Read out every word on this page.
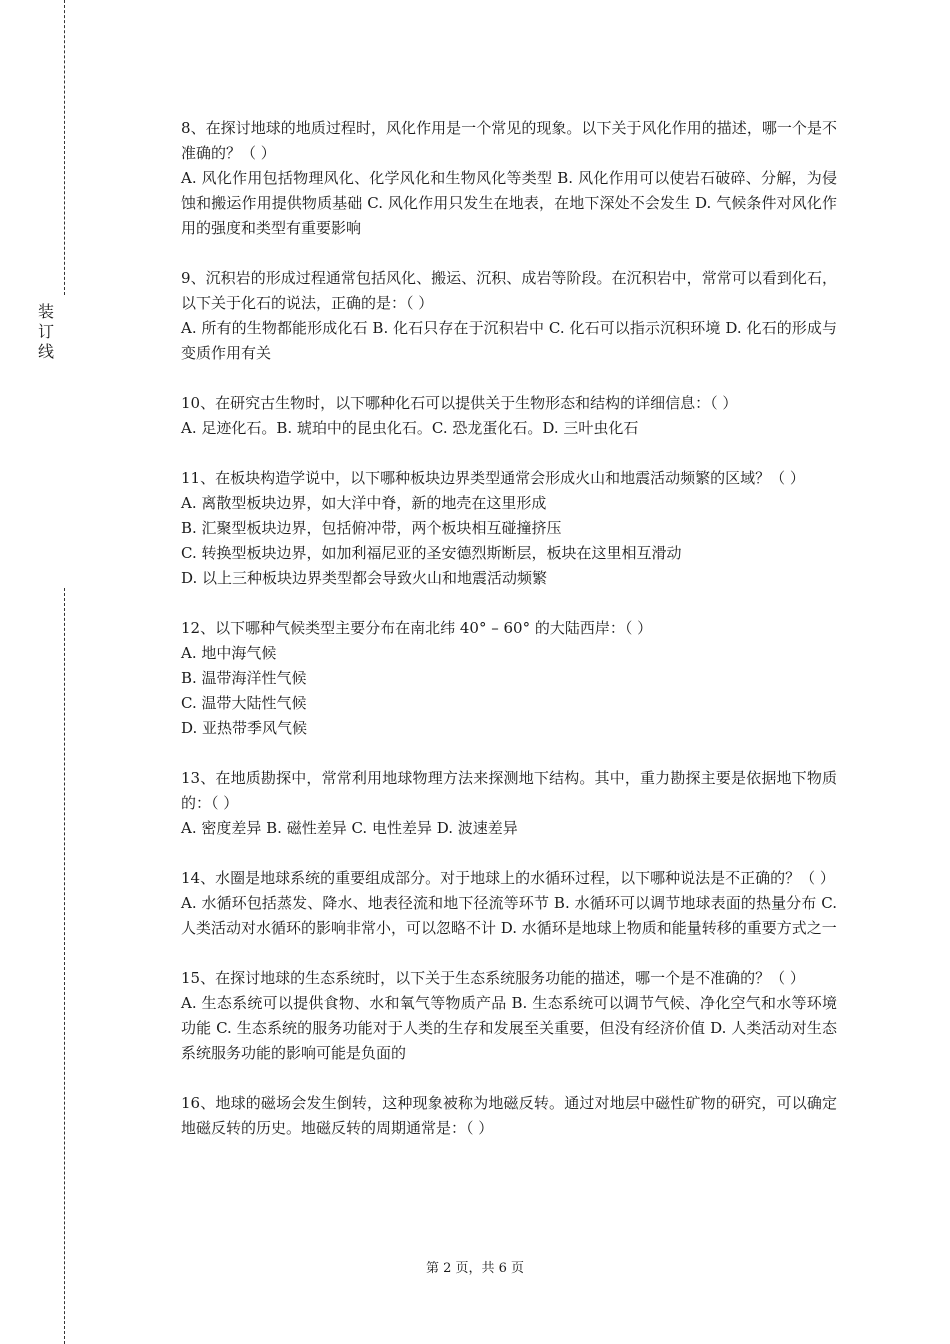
装
订
线

8、在探讨地球的地质过程时，风化作用是一个常见的现象。以下关于风化作用的描述，哪一个是不准确的？（ ）

A. 风化作用包括物理风化、化学风化和生物风化等类型 B. 风化作用可以使岩石破碎、分解，为侵蚀和搬运作用提供物质基础 C. 风化作用只发生在地表，在地下深处不会发生 D. 气候条件对风化作用的强度和类型有重要影响

9、沉积岩的形成过程通常包括风化、搬运、沉积、成岩等阶段。在沉积岩中，常常可以看到化石，以下关于化石的说法，正确的是：（ ）

A. 所有的生物都能形成化石 B. 化石只存在于沉积岩中 C. 化石可以指示沉积环境 D. 化石的形成与变质作用有关

10、在研究古生物时，以下哪种化石可以提供关于生物形态和结构的详细信息：（ ）

A. 足迹化石。B. 琥珀中的昆虫化石。C. 恐龙蛋化石。D. 三叶虫化石

11、在板块构造学说中，以下哪种板块边界类型通常会形成火山和地震活动频繁的区域？（ ）

A. 离散型板块边界，如大洋中脊，新的地壳在这里形成

B. 汇聚型板块边界，包括俯冲带，两个板块相互碰撞挤压

C. 转换型板块边界，如加利福尼亚的圣安德烈斯断层，板块在这里相互滑动

D. 以上三种板块边界类型都会导致火山和地震活动频繁

12、以下哪种气候类型主要分布在南北纬 40° – 60° 的大陆西岸：（ ）

A. 地中海气候

B. 温带海洋性气候

C. 温带大陆性气候

D. 亚热带季风气候

13、在地质勘探中，常常利用地球物理方法来探测地下结构。其中，重力勘探主要是依据地下物质的：（ ）

A. 密度差异 B. 磁性差异 C. 电性差异 D. 波速差异

14、水圈是地球系统的重要组成部分。对于地球上的水循环过程，以下哪种说法是不正确的？（ ）

A. 水循环包括蒸发、降水、地表径流和地下径流等环节 B. 水循环可以调节地球表面的热量分布 C. 人类活动对水循环的影响非常小，可以忽略不计 D. 水循环是地球上物质和能量转移的重要方式之一

15、在探讨地球的生态系统时，以下关于生态系统服务功能的描述，哪一个是不准确的？（ ）

A. 生态系统可以提供食物、水和氧气等物质产品 B. 生态系统可以调节气候、净化空气和水等环境功能 C. 生态系统的服务功能对于人类的生存和发展至关重要，但没有经济价值 D. 人类活动对生态系统服务功能的影响可能是负面的

16、地球的磁场会发生倒转，这种现象被称为地磁反转。通过对地层中磁性矿物的研究，可以确定地磁反转的历史。地磁反转的周期通常是：（ ）

第 2 页，共 6 页
